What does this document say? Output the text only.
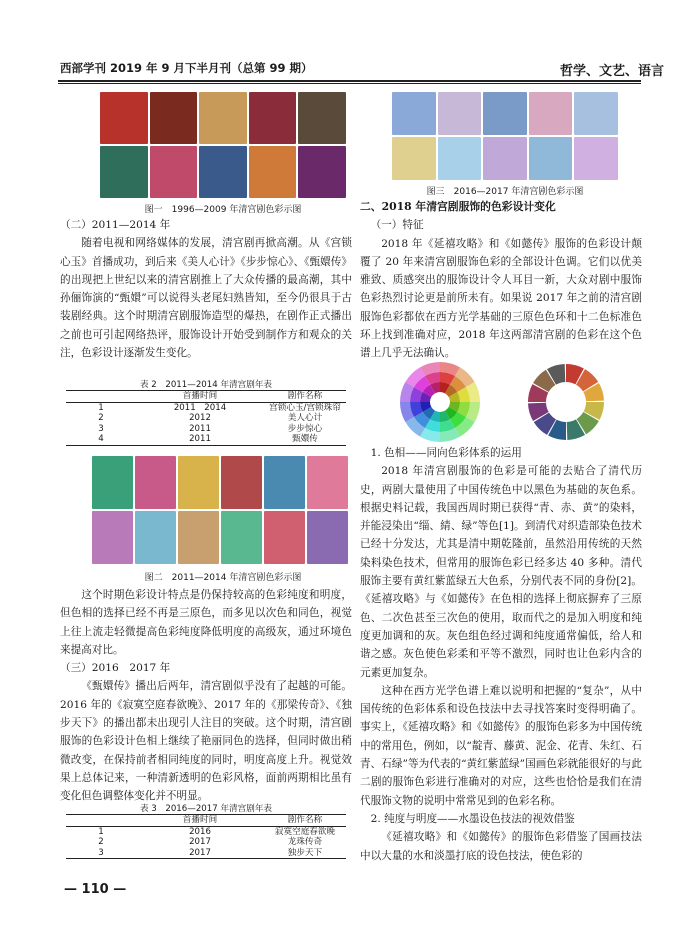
西部学刊 2019 年 9 月下半月刊（总第 99 期）	哲学、文艺、语言
图一　1996—2009 年清宫剧色彩示图

（二）2011—2014 年

随着电视和网络媒体的发展，清宫剧再掀高潮。从《宫锁心玉》首播成功，到后来《美人心计》《步步惊心》、《甄嬛传》的出现把上世纪以来的清宫剧推上了大众传播的最高潮，其中孙俪饰演的“甄嬛”可以说得头老尾妇熟皆知，至今仍很具于古装剧经典。这个时期清宫剧服饰造型的爆热，在剧作正式播出之前也可引起网络热评，服饰设计开始受到制作方和观众的关注，色彩设计逐渐发生变化。

表 2　2011—2014 年清宫剧年表
	首播时间	剧作名称
1	2011　2014	宫锁心玉/宫锁珠帘
2	2012	美人心计
3	2011	步步惊心
4	2011	甄嬛传
图二　2011—2014 年清宫剧色彩示图

这个时期色彩设计特点是仍保持较高的色彩纯度和明度，但色相的选择已经不再是三原色，而多见以次色和同色，视觉上往上流走轻微提高色彩纯度降低明度的高级灰，通过环境色来提高对比。

（三）2016　2017 年

《甄嬛传》播出后两年，清宫剧似乎没有了起越的可能。2016 年的《寂寞空庭春欲晚》、2017 年的《那梁传奇》、《独步天下》的播出都未出现引人注目的突破。这个时期，清宫剧服饰的色彩设计色相上继续了艳丽同色的选择，但同时做出稍微改变，在保持前者相同纯度的同时，明度高度上升。视觉效果上总体记来，一种清新透明的色彩风格，面前两期相比虽有变化但色调整体变化并不明显。

表 3　2016—2017 年清宫剧年表
	首播时间	剧作名称
1	2016	寂寞空庭春欲晚
2	2017	龙珠传奇
3	2017	独步天下
图三　2016—2017 年清宫剧色彩示图

二、2018 年清宫剧服饰的色彩设计变化

（一）特征

2018 年《延禧攻略》和《如懿传》服饰的色彩设计颠覆了 20 年来清宫剧服饰色彩的全部设计色调。它们以优美雅致、质感突出的服饰设计令人耳目一新，大众对剧中服饰色彩热烈讨论更是前所未有。如果说 2017 年之前的清宫剧服饰色彩都依在西方光学基础的三原色色环和十二色标准色环上找到准确对应，2018 年这两部清宫剧的色彩在这个色谱上几乎无法确认。

1. 色相——同向色彩体系的运用

2018 年清宫剧服饰的色彩是可能的去贴合了清代历史，两剧大量使用了中国传统色中以黑色为基础的灰色系。根据史料记载，我国西周时期已获得“青、赤、黄”的染料，并能浸染出“缁、綪、绿”等色[1]。到清代对织造部染色技术已经十分发达，尤其是清中期乾隆前，虽然沿用传统的天然染料染色技术，但常用的服饰色彩已经多达 40 多种。清代服饰主要有黄红紫蓝绿五大色系，分别代表不同的身份[2]。《延禧攻略》与《如懿传》在色相的选择上彻底摒弃了三原色、二次色甚至三次色的使用，取而代之的是加入明度和纯度更加调和的灰。灰色组色经过调和纯度通常偏低，给人和谐之感。灰色使色彩柔和平等不激烈，同时也让色彩内含的元素更加复杂。

这种在西方光学色谱上难以说明和把握的“复杂”，从中国传统的色彩体系和设色技法中去寻找答案时变得明确了。事实上，《延禧攻略》和《如懿传》的服饰色彩多为中国传统中的常用色，例如，以“靛青、藤黄、泥金、花青、朱红、石青、石绿”等为代表的“黄红紫蓝绿”国画色彩就能很好的与此二剧的服饰色彩进行准确对的对应，这些也恰恰是我们在清代服饰文物的说明中常常见到的色彩名称。

2. 纯度与明度——水墨设色技法的视效借鉴

《延禧攻略》和《如懿传》的服饰色彩借鉴了国画技法中以大量的水和淡墨打底的设色技法，使色彩的

— 110 —
